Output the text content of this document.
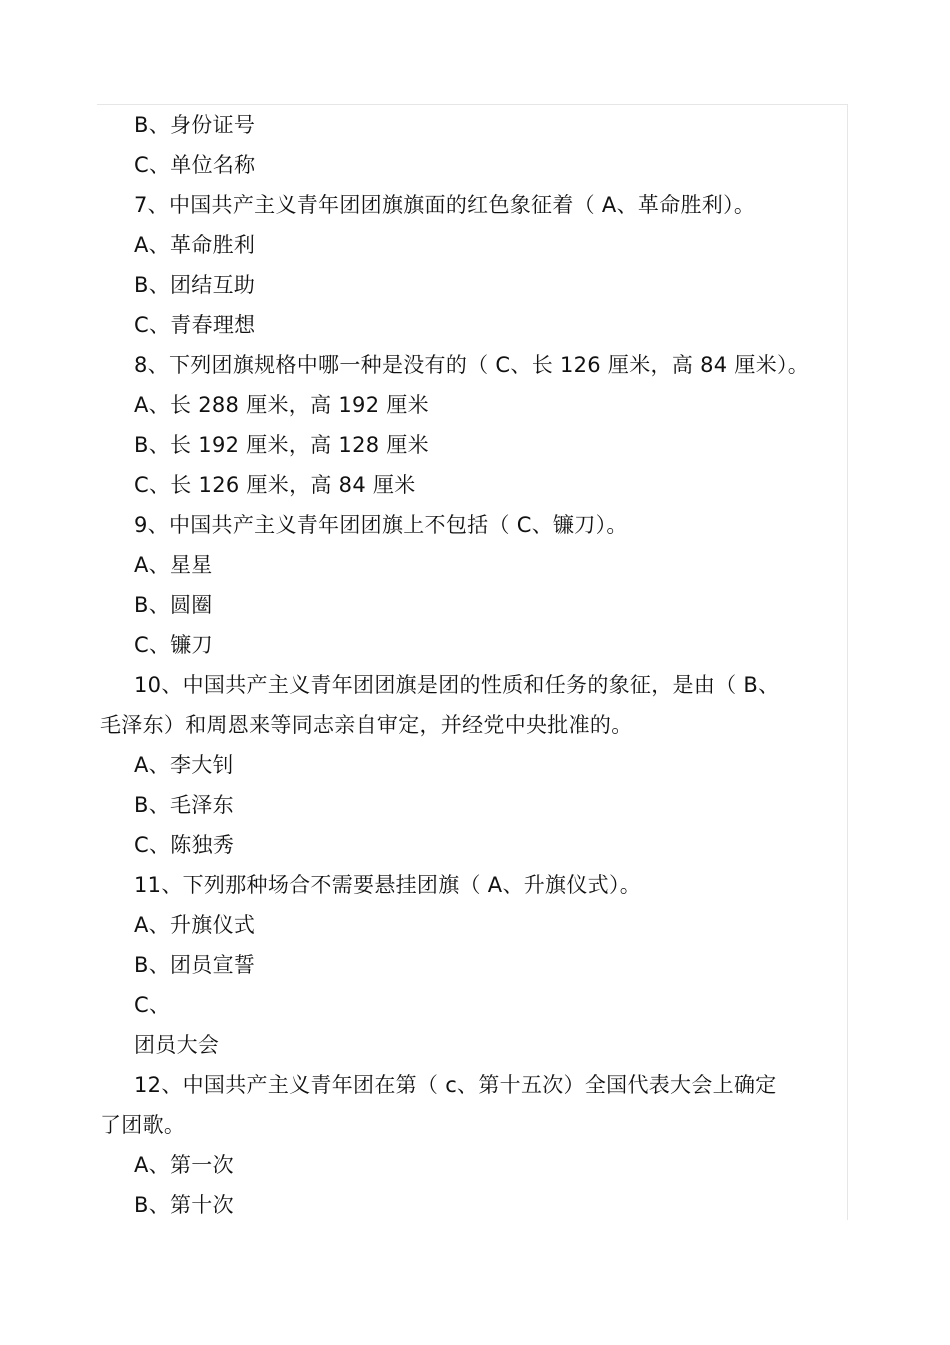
B、身份证号
C、单位名称
7、中国共产主义青年团团旗旗面的红色象征着（ A、革命胜利）。
A、革命胜利
B、团结互助
C、青春理想
8、下列团旗规格中哪一种是没有的（ C、长 126 厘米，高 84 厘米）。
A、长 288 厘米，高 192 厘米
B、长 192 厘米，高 128 厘米
C、长 126 厘米，高 84 厘米
9、中国共产主义青年团团旗上不包括（ C、镰刀）。
A、星星
B、圆圈
C、镰刀
10、中国共产主义青年团团旗是团的性质和任务的象征，是由（ B、
毛泽东）和周恩来等同志亲自审定，并经党中央批准的。
A、李大钊
B、毛泽东
C、陈独秀
11、下列那种场合不需要悬挂团旗（ A、升旗仪式）。
A、升旗仪式
B、团员宣誓
C、
团员大会
12、中国共产主义青年团在第（ c、第十五次）全国代表大会上确定
了团歌。
A、第一次
B、第十次
